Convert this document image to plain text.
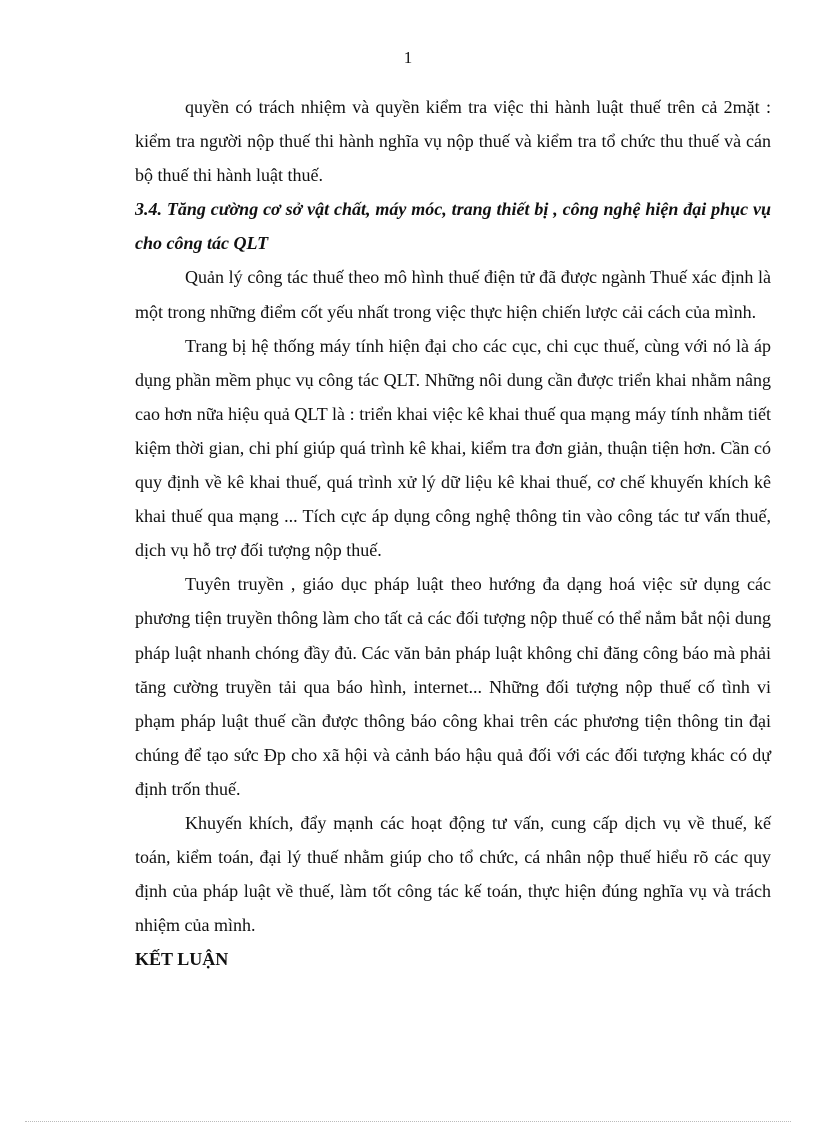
1

quyền có trách nhiệm và quyền kiểm tra việc thi hành luật thuế trên cả 2mặt : kiểm tra người nộp thuế thi hành nghĩa vụ nộp thuế và kiểm tra tổ chức thu thuế và cán bộ thuế thi hành luật thuế.

3.4. Tăng cường cơ sở vật chất, máy móc, trang thiết bị , công nghệ hiện đại phục vụ cho công tác QLT

Quản lý công tác thuế theo mô hình thuế điện tử đã được ngành Thuế xác định là một trong những điểm cốt yếu nhất trong việc thực hiện chiến lược cải cách của mình.

Trang bị hệ thống máy tính hiện đại cho các cục, chi cục thuế, cùng với nó là áp dụng phần mềm phục vụ công tác QLT. Những nôi dung cần được triển khai nhằm nâng cao hơn nữa hiệu quả QLT là : triển khai việc kê khai thuế qua mạng máy tính nhằm tiết kiệm thời gian, chi phí giúp quá trình kê khai, kiểm tra đơn giản, thuận tiện hơn. Cần có quy định về kê khai thuế, quá trình xử lý dữ liệu kê khai thuế, cơ chế khuyến khích kê khai thuế qua mạng ... Tích cực áp dụng công nghệ thông tin vào công tác tư vấn thuế, dịch vụ hỗ trợ đối tượng nộp thuế.

Tuyên truyền , giáo dục pháp luật theo hướng đa dạng hoá việc sử dụng các phương tiện truyền thông làm cho tất cả các đối tượng nộp thuế có thể nắm bắt nội dung pháp luật nhanh chóng đầy đủ. Các văn bản pháp luật không chỉ đăng công báo mà phải tăng cường truyền tải qua báo hình, internet... Những đối tượng nộp thuế cố tình vi phạm pháp luật thuế cần được thông báo công khai trên các phương tiện thông tin đại chúng để tạo sức Ðp cho xã hội và cảnh báo hậu quả đối với các đối tượng khác có dự định trốn thuế.

Khuyến khích, đẩy mạnh các hoạt động tư vấn, cung cấp dịch vụ về thuế, kế toán, kiểm toán, đại lý thuế nhằm giúp cho tổ chức, cá nhân nộp thuế hiểu rõ các quy định của pháp luật về thuế, làm tốt công tác kế toán, thực hiện đúng nghĩa vụ và trách nhiệm của mình.

KẾT LUẬN
